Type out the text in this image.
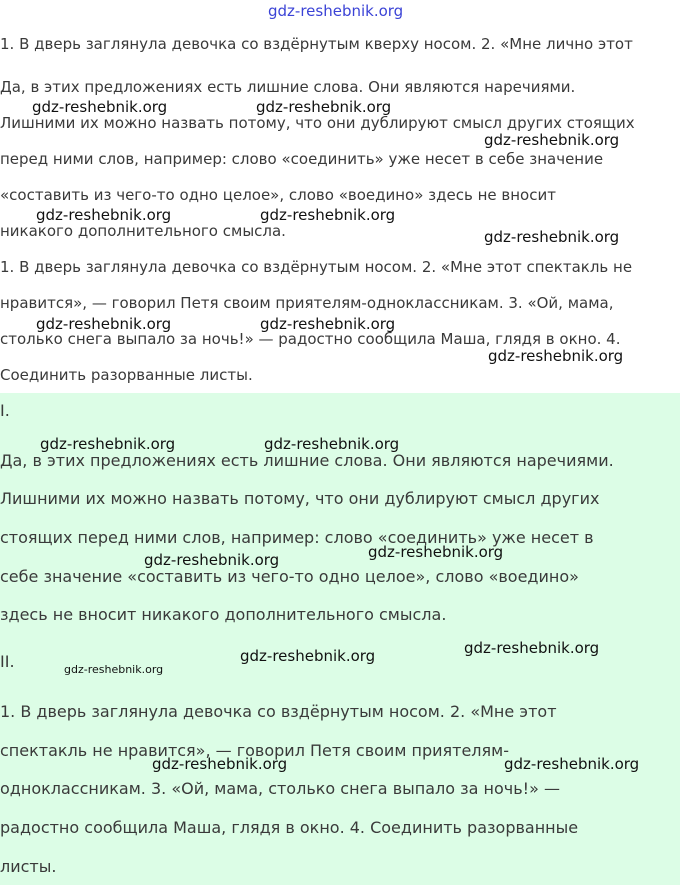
gdz-reshebnik.org
1. В дверь заглянула девочка со вздёрнутым кверху носом. 2. «Мне лично этот
Да, в этих предложениях есть лишние слова. Они являются наречиями.
Лишними их можно назвать потому, что они дублируют смысл других стоящих
перед ними слов, например: слово «соединить» уже несет в себе значение
«составить из чего-то одно целое», слово «воедино» здесь не вносит
никакого дополнительного смысла.
1. В дверь заглянула девочка со вздёрнутым носом. 2. «Мне этот спектакль не
нравится», — говорил Петя своим приятелям-одноклассникам. 3. «Ой, мама,
столько снега выпало за ночь!» — радостно сообщила Маша, глядя в окно. 4.
Соединить разорванные листы.
I.
Да, в этих предложениях есть лишние слова. Они являются наречиями.
Лишними их можно назвать потому, что они дублируют смысл других
стоящих перед ними слов, например: слово «соединить» уже несет в
себе значение «составить из чего-то одно целое», слово «воедино»
здесь не вносит никакого дополнительного смысла.
II.
1. В дверь заглянула девочка со вздёрнутым носом. 2. «Мне этот
спектакль не нравится», — говорил Петя своим приятелям-
одноклассникам. 3. «Ой, мама, столько снега выпало за ночь!» —
радостно сообщила Маша, глядя в окно. 4. Соединить разорванные
листы.
gdz-reshebnik.org	gdz-reshebnik.org
gdz-reshebnik.org
gdz-reshebnik.org	gdz-reshebnik.org
gdz-reshebnik.org
gdz-reshebnik.org	gdz-reshebnik.org
gdz-reshebnik.org
gdz-reshebnik.org	gdz-reshebnik.org
gdz-reshebnik.org
gdz-reshebnik.org
gdz-reshebnik.org
gdz-reshebnik.org
gdz-reshebnik.org
gdz-reshebnik.org	gdz-reshebnik.org
